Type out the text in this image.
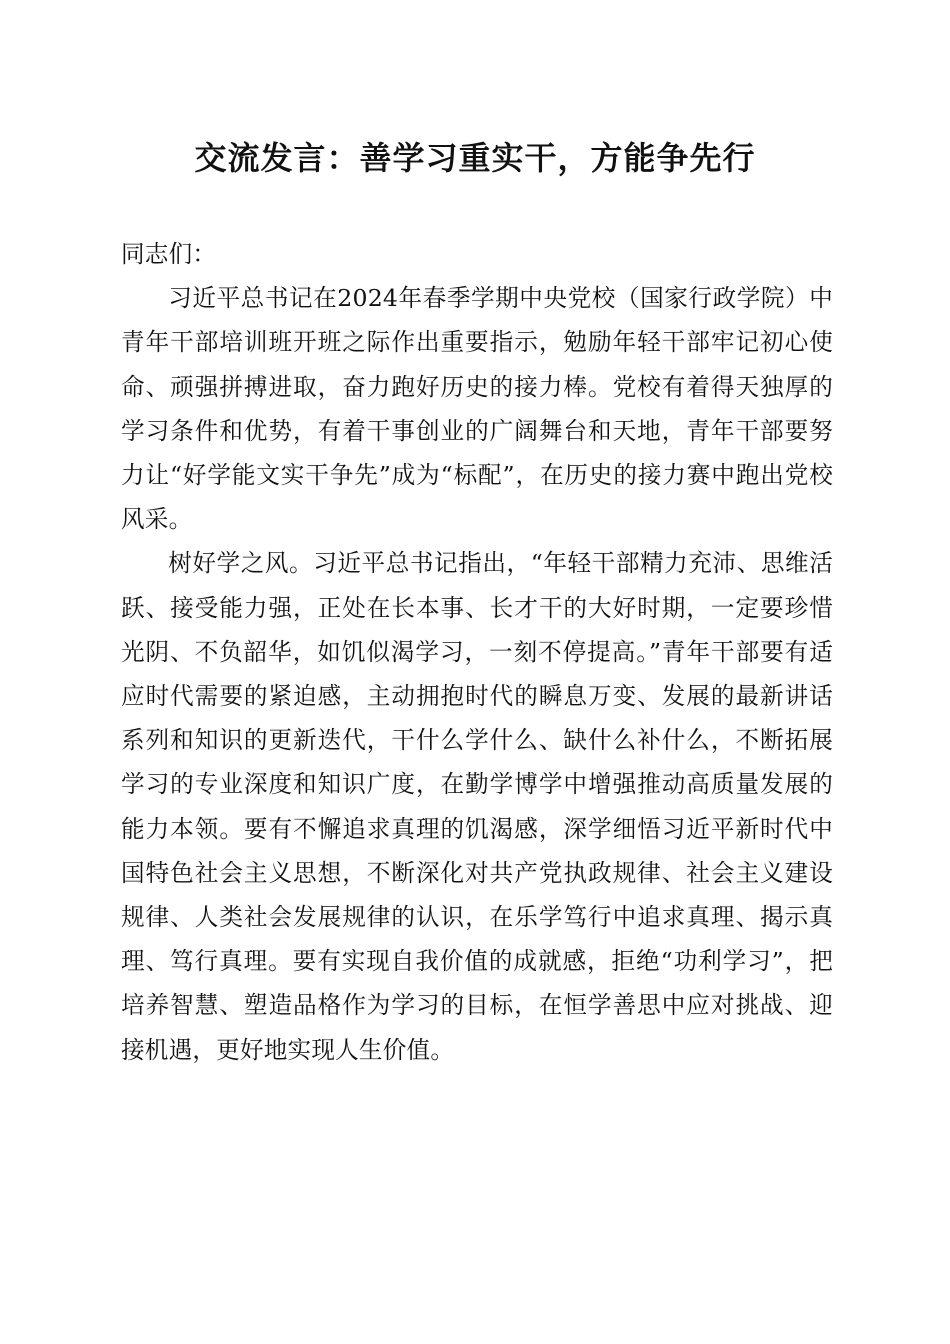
交流发言：善学习重实干，方能争先行

同志们：

习近平总书记在2024年春季学期中央党校（国家行政学院）中青年干部培训班开班之际作出重要指示，勉励年轻干部牢记初心使命、顽强拼搏进取，奋力跑好历史的接力棒。党校有着得天独厚的学习条件和优势，有着干事创业的广阔舞台和天地，青年干部要努力让“好学能文实干争先”成为“标配”，在历史的接力赛中跑出党校风采。

树好学之风。习近平总书记指出，“年轻干部精力充沛、思维活跃、接受能力强，正处在长本事、长才干的大好时期，一定要珍惜光阴、不负韶华，如饥似渴学习，一刻不停提高。”青年干部要有适应时代需要的紧迫感，主动拥抱时代的瞬息万变、发展的最新讲话系列和知识的更新迭代，干什么学什么、缺什么补什么，不断拓展学习的专业深度和知识广度，在勤学博学中增强推动高质量发展的能力本领。要有不懈追求真理的饥渴感，深学细悟习近平新时代中国特色社会主义思想，不断深化对共产党执政规律、社会主义建设规律、人类社会发展规律的认识，在乐学笃行中追求真理、揭示真理、笃行真理。要有实现自我价值的成就感，拒绝“功利学习”，把培养智慧、塑造品格作为学习的目标，在恒学善思中应对挑战、迎接机遇，更好地实现人生价值。
